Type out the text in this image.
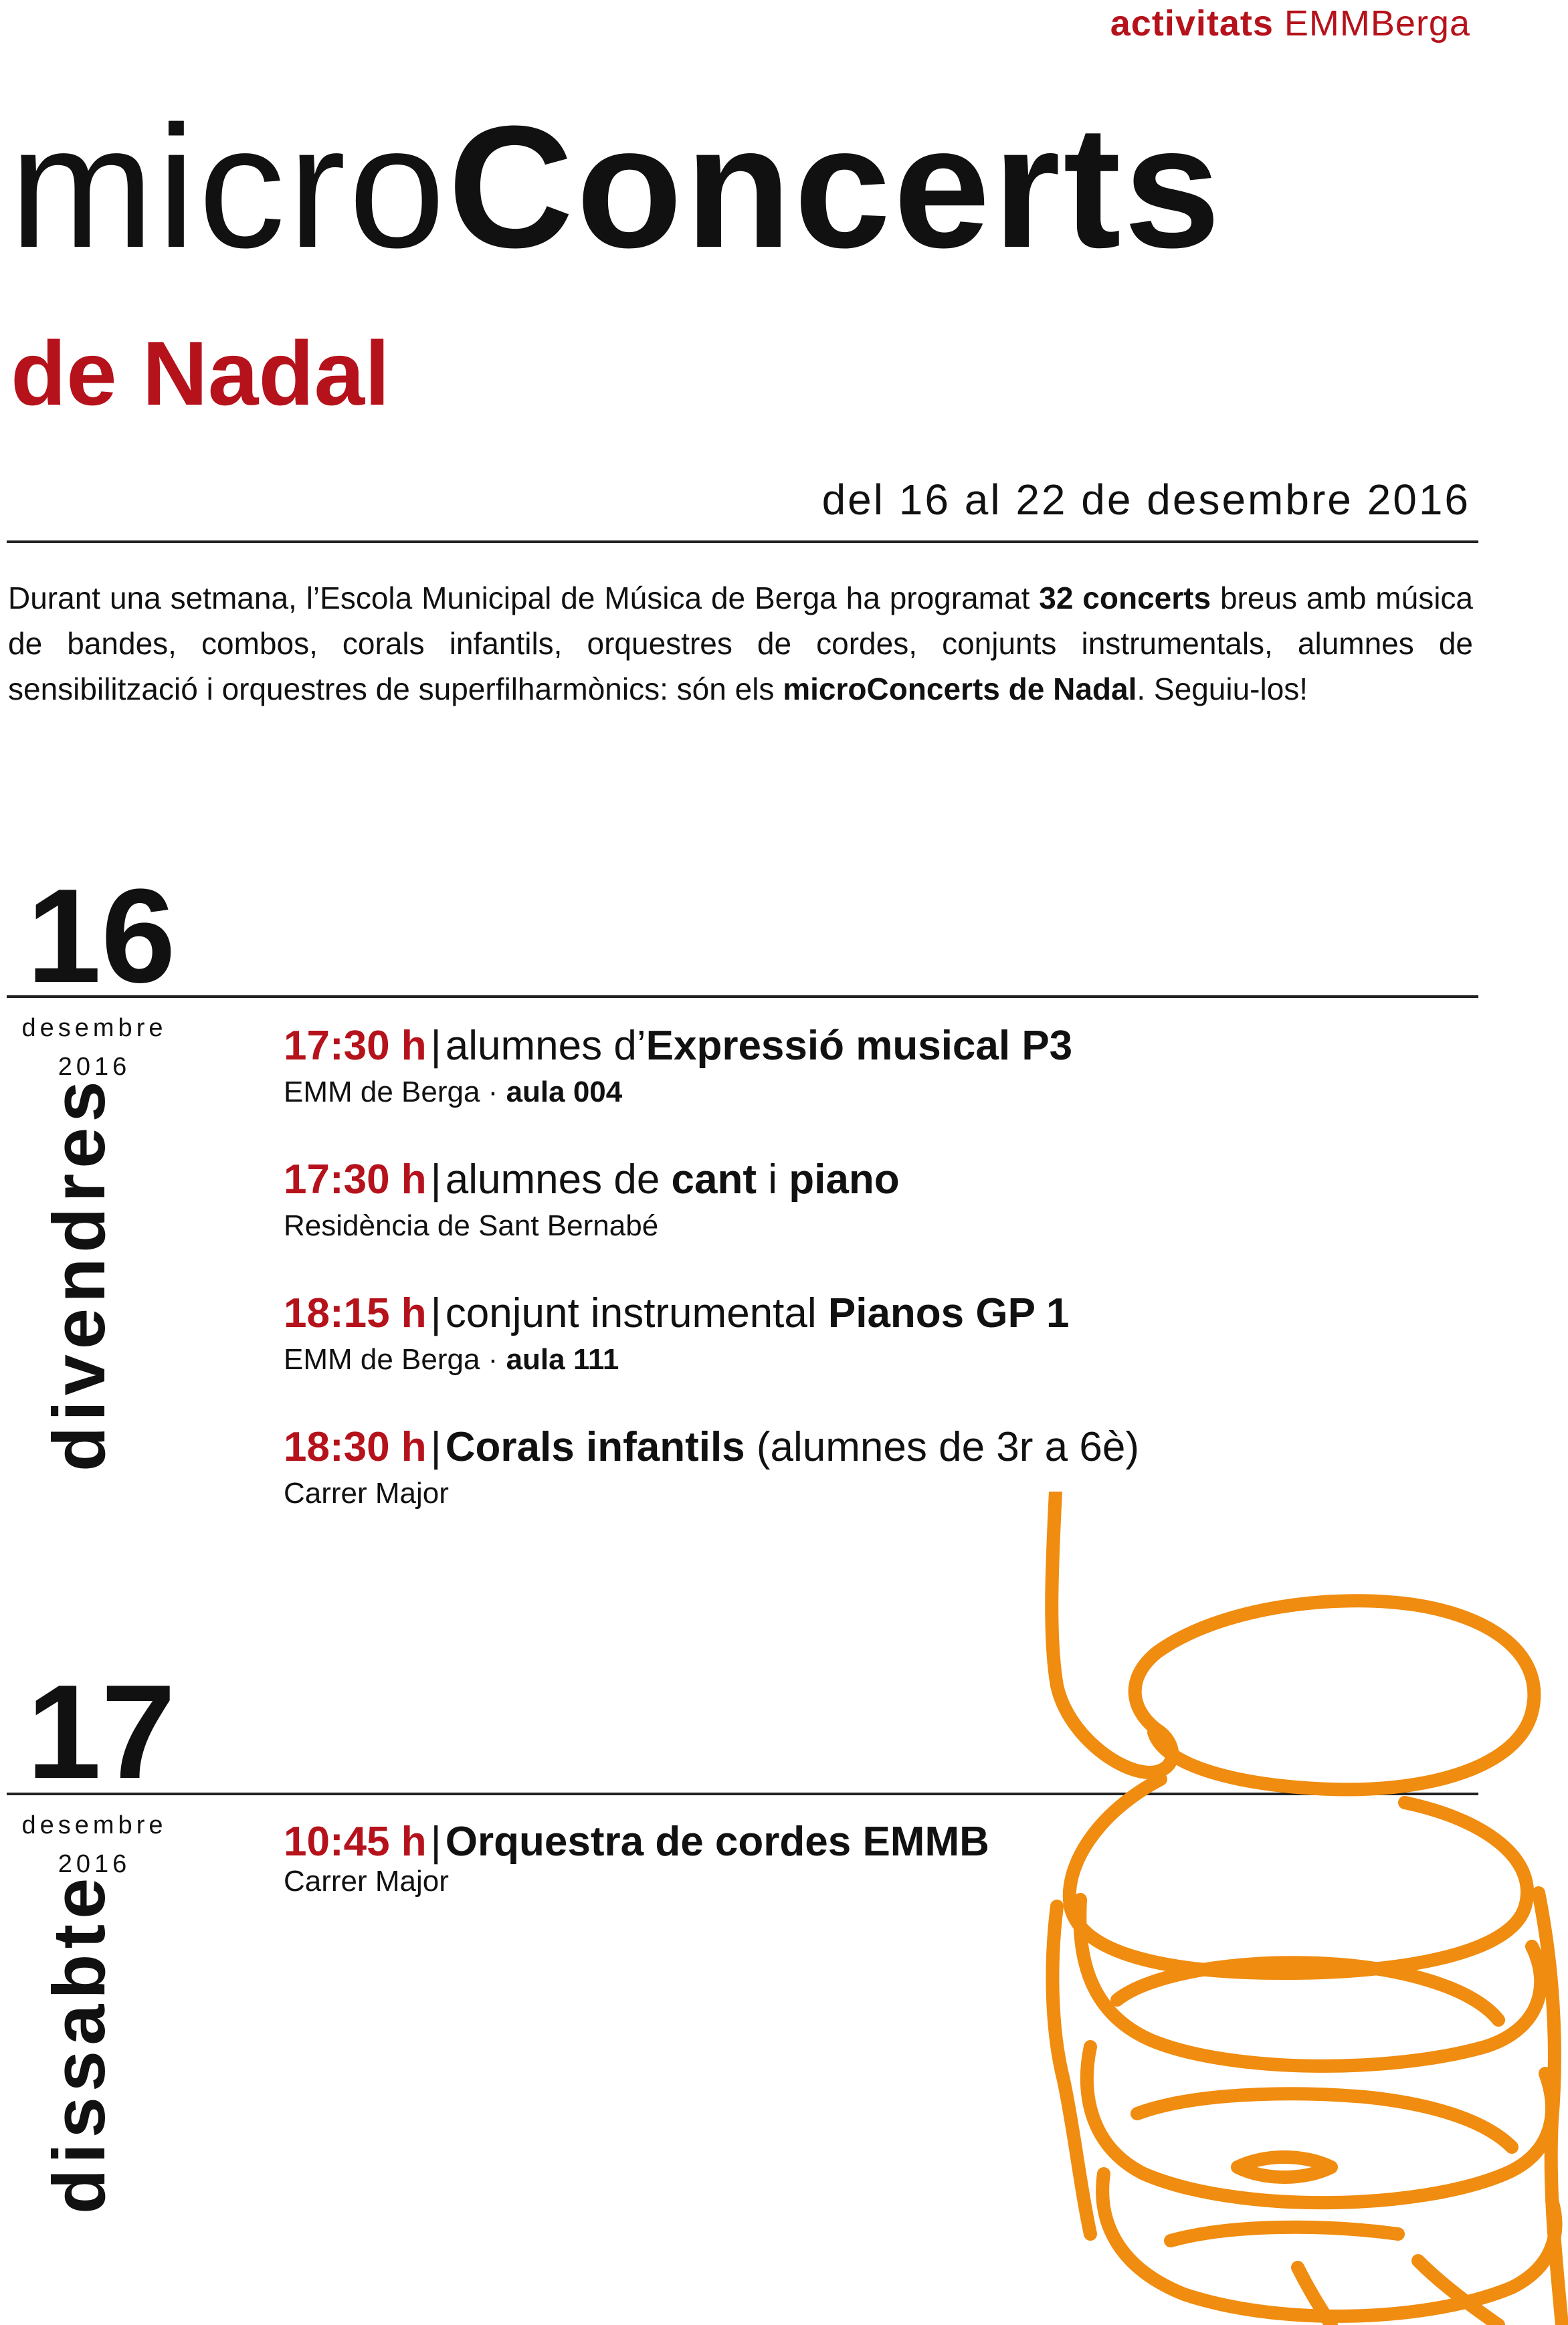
activitats EMMBerga
microConcerts
de Nadal
del 16 al 22 de desembre 2016
Durant una setmana, l’Escola Municipal de Música de Berga ha programat 32 concerts breus amb música de bandes, combos, corals infantils, orquestres de cordes, conjunts instrumentals, alumnes de sensibilització i orquestres de superfilharmònics: són els microConcerts de Nadal. Seguiu-los!
16
desembre
2016
divendres
17:30 h|alumnes d’Expressió musical P3
EMM de Berga · aula 004
17:30 h|alumnes de cant i piano
Residència de Sant Bernabé
18:15 h|conjunt instrumental Pianos GP 1
EMM de Berga · aula 111
18:30 h|Corals infantils (alumnes de 3r a 6è)
Carrer Major
17
desembre
2016
dissabte
10:45 h|Orquestra de cordes EMMB
Carrer Major
